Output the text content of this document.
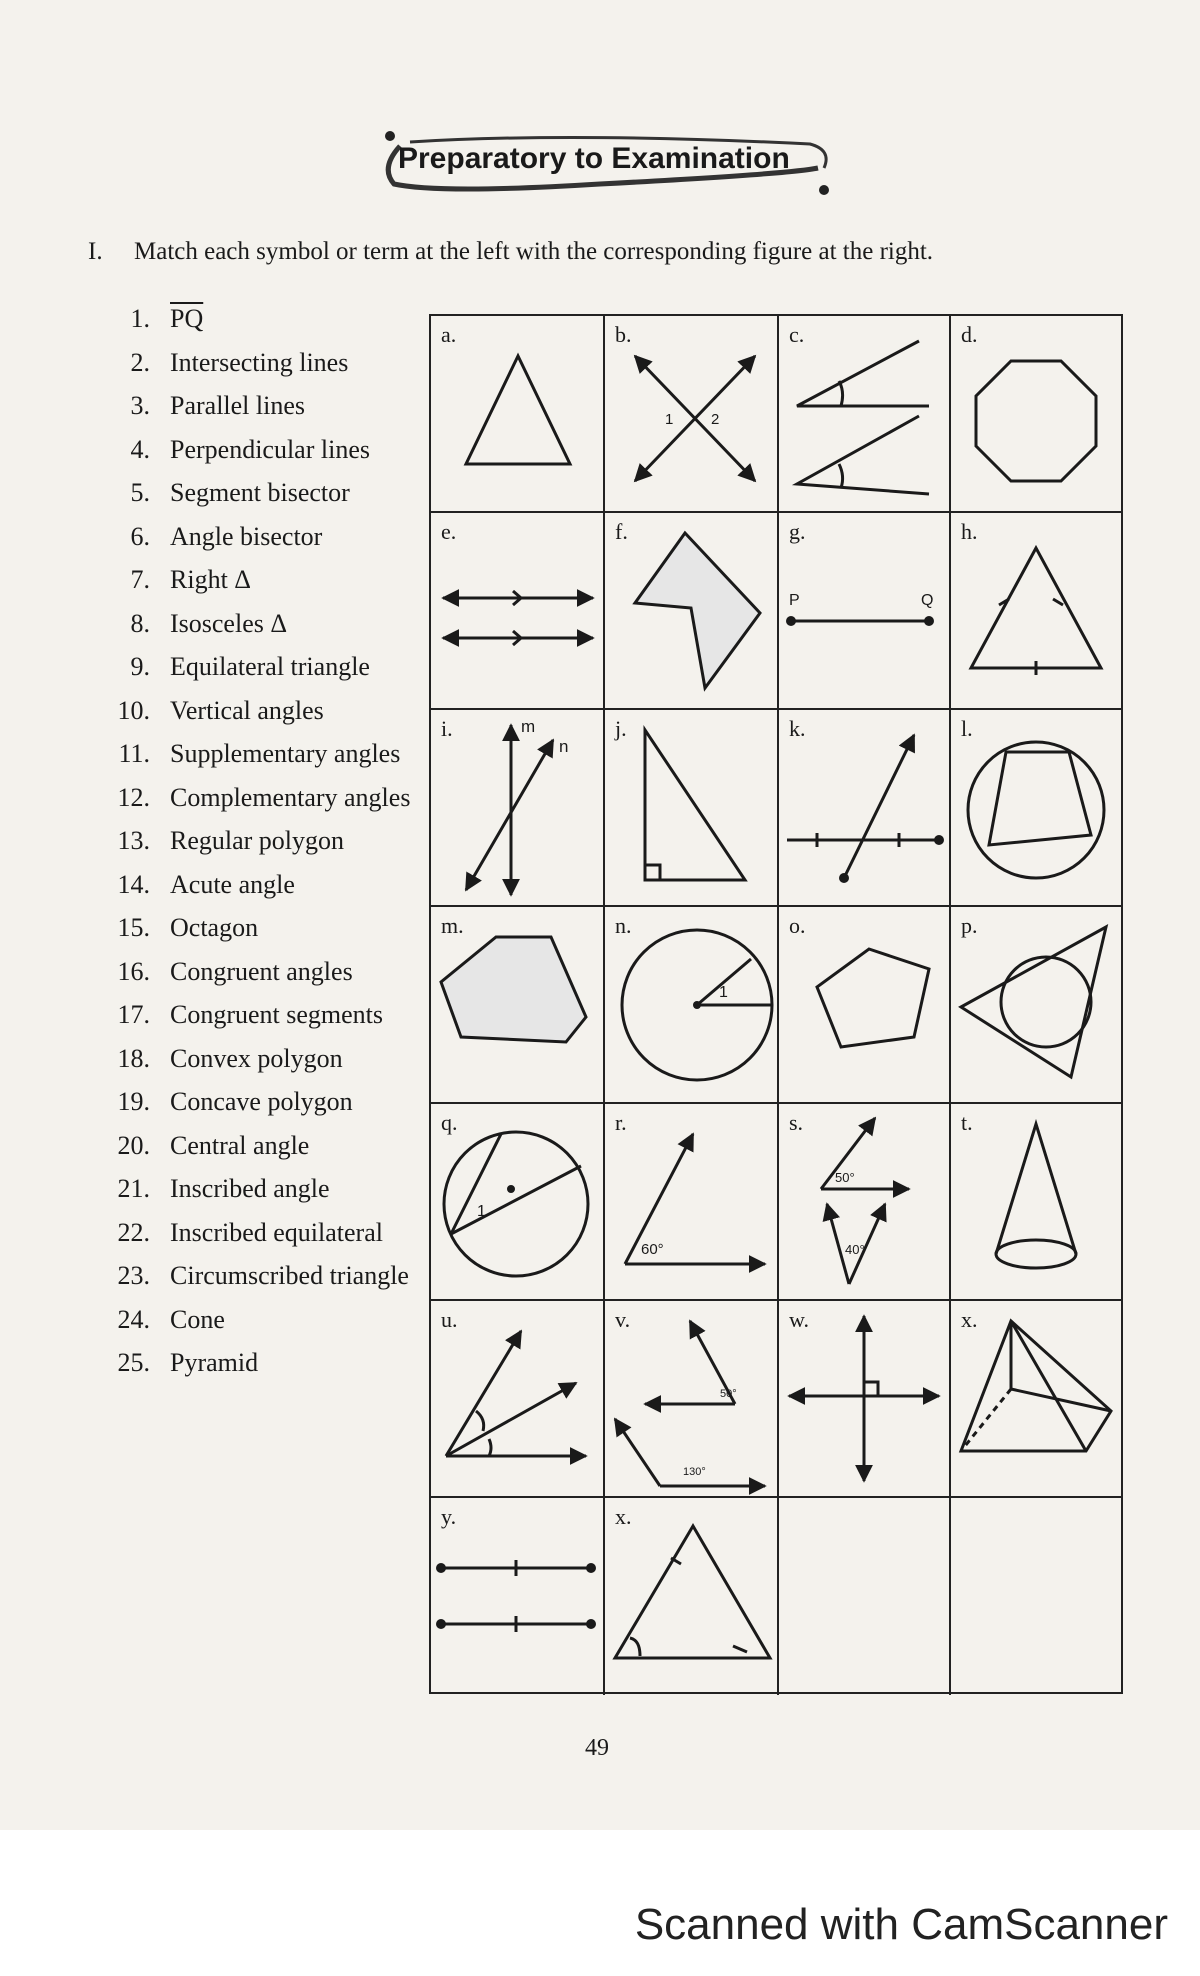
Preparatory to Examination
I. Match each symbol or term at the left with the corresponding figure at the right.
1. $\overline{PQ}$
2. Intersecting lines
3. Parallel lines
4. Perpendicular lines
5. Segment bisector
6. Angle bisector
7. Right Δ
8. Isosceles Δ
9. Equilateral triangle
10. Vertical angles
11. Supplementary angles
12. Complementary angles
13. Regular polygon
14. Acute angle
15. Octagon
16. Congruent angles
17. Congruent segments
18. Convex polygon
19. Concave polygon
20. Central angle
21. Inscribed angle
22. Inscribed equilateral
23. Circumscribed triangle
24. Cone
25. Pyramid
a.
1	2
b.	c.	d.
e.	f.
P	Q
g.	h.
m
n
i.	j.	k.	l.
m.
1
n.	o.	p.
1
q.
60°
r.
50°
40°
s.	t.
u.
50°
130°
v.	w.	x.
y.	x.
49
Scanned with CamScanner
